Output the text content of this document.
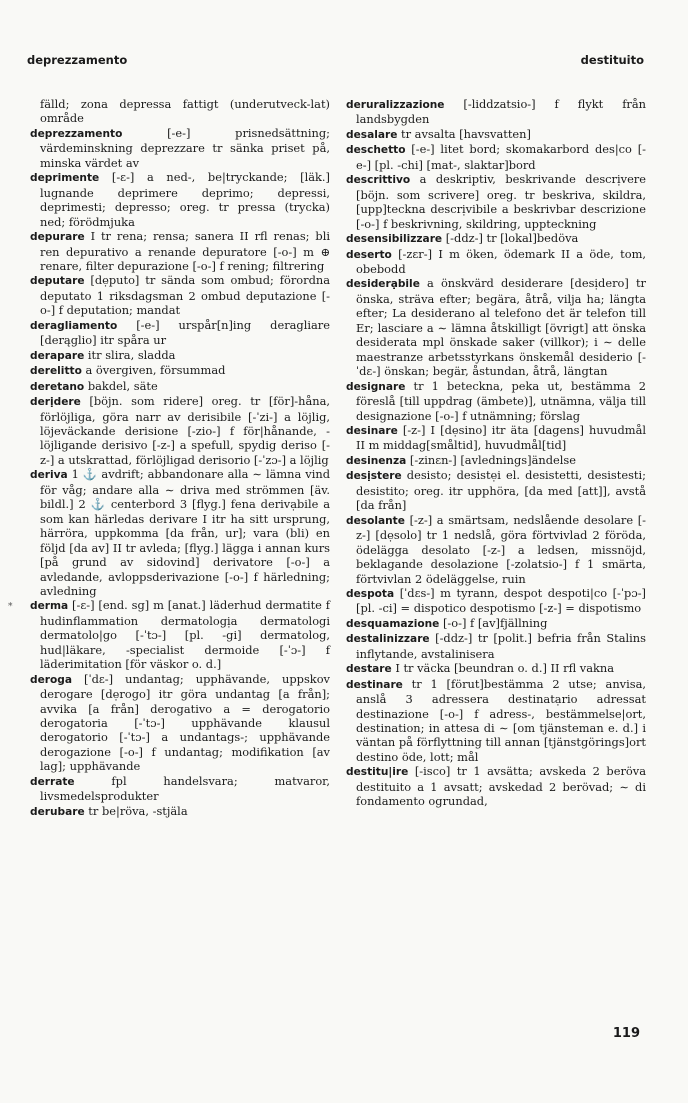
deprezzamento	destituito
*

fälld; zona depressa fattigt (underutveck-lat) område

deprezzamento [-e-] prisnedsättning; värdeminskning deprezzare tr sänka priset på, minska värdet av

deprimente [-ɛ-] a ned-, be|tryckande; [läk.] lugnande deprimere deprimo; depressi, deprimesti; depresso; oreg. tr pressa (trycka) ned; förödmjuka

depurare I tr rena; rensa; sanera II rfl renas; bli ren depurativo a renande depuratore [-o-] m ⊕ renare, filter depurazione [-o-] f rening; filtrering

deputare [dẹputo] tr sända som ombud; förordna deputato 1 riksdagsman 2 ombud deputazione [-o-] f deputation; mandat

deragliamento [-e-] urspår[n]ing deragliare [derąglio] itr spåra ur

derapare itr slira, sladda

derelitto a övergiven, försummad

deretano bakdel, säte

derịdere [böjn. som ridere] oreg. tr [för]-håna, förlöjliga, göra narr av derisibile [-ˈzi-] a löjlig, löjeväckande derisione [-zio-] f för|hånande, -löjligande derisivo [-z-] a spefull, spydig deriso [-z-] a utskrattad, förlöjligad derisorio [-ˈzɔ-] a löjlig

deriva 1 ⚓ avdrift; abbandonare alla ∼ lämna vind för våg; andare alla ∼ driva med strömmen [äv. bildl.] 2 ⚓ centerbord 3 [flyg.] fena derivạbile a som kan härledas derivare I itr ha sitt ursprung, härröra, uppkomma [da från, ur]; vara (bli) en följd [da av] II tr avleda; [flyg.] lägga i annan kurs [på grund av sidovind] derivatore [-o-] a avledande, avloppsderivazione [-o-] f härledning; avledning

derma [-ɛ-] [end. sg] m [anat.] läderhud dermatite f hudinflammation dermatologịa dermatologi dermatolo|go [-ˈtɔ-] [pl. -gi] dermatolog, hud|läkare, -specialist dermoide [-ˈɔ-] f läderimitation [för väskor o. d.]

deroga [ˈdɛ-] undantag; upphävande, uppskov derogare [dẹrogo] itr göra undantag [a från]; avvika [a från] derogativo a = derogatorio derogatoria [-ˈtɔ-] upphävande klausul derogatorio [-ˈtɔ-] a undantags-; upphävande derogazione [-o-] f undantag; modifikation [av lag]; upphävande

derrate fpl handelsvara; matvaror, livsmedelsprodukter

derubare tr be|röva, -stjäla

deruralizzazione [-liddzatsio-] f flykt från landsbygden

desalare tr avsalta [havsvatten]

deschetto [-e-] litet bord; skomakarbord des|co [-e-] [pl. -chi] [mat-, slaktar]bord

descrittivo a deskriptiv, beskrivande descrịvere [böjn. som scrivere] oreg. tr beskriva, skildra, [upp]teckna descrịvibile a beskrivbar descrizione [-o-] f beskrivning, skildring, uppteckning

desensibilizzare [-ddz-] tr [lokal]bedöva

deserto [-zɛr-] I m öken, ödemark II a öde, tom, obebodd

desiderạbile a önskvärd desiderare [desịdero] tr önska, sträva efter; begära, åtrå, vilja ha; längta efter; La desiderano al telefono det är telefon till Er; lasciare a ∼ lämna åtskilligt [övrigt] att önska desiderata mpl önskade saker (villkor); i ∼ delle maestranze arbetsstyrkans önskemål desiderio [-ˈdɛ-] önskan; begär, åstundan, åtrå, längtan

designare tr 1 beteckna, peka ut, bestämma 2 föreslå [till uppdrag (ämbete)], utnämna, välja till designazione [-o-] f utnämning; förslag

desinare [-z-] I [dẹsino] itr äta [dagens] huvudmål II m middag[småltid], huvudmål[tid]

desinenza [-zinɛn-] [avlednings]ändelse

desịstere desisto; desistẹi el. desistetti, desistesti; desistito; oreg. itr upphöra, [da med [att]], avstå [da från]

desolante [-z-] a smärtsam, nedslående desolare [-z-] [dẹsolo] tr 1 nedslå, göra förtvivlad 2 föröda, ödelägga desolato [-z-] a ledsen, missnöjd, beklagande desolazione [-zolatsio-] f 1 smärta, förtvivlan 2 ödeläggelse, ruin

despota [ˈdɛs-] m tyrann, despot despoti|co [-ˈpɔ-] [pl. -ci] = dispotico despotismo [-z-] = dispotismo

desquamazione [-o-] f [av]fjällning

destalinizzare [-ddz-] tr [polit.] befria från Stalins inflytande, avstalinisera

destare I tr väcka [beundran o. d.] II rfl vakna

destinare tr 1 [förut]bestämma 2 utse; anvisa, anslå 3 adressera destinatạrio adressat destinazione [-o-] f adress-, bestämmelse|ort, destination; in attesa di ∼ [om tjänsteman e. d.] i väntan på förflyttning till annan [tjänstgörings]ort destino öde, lott; mål

destitu|ire [-isco] tr 1 avsätta; avskeda 2 beröva destituito a 1 avsatt; avskedad 2 berövad; ∼ di fondamento ogrundad,

119
